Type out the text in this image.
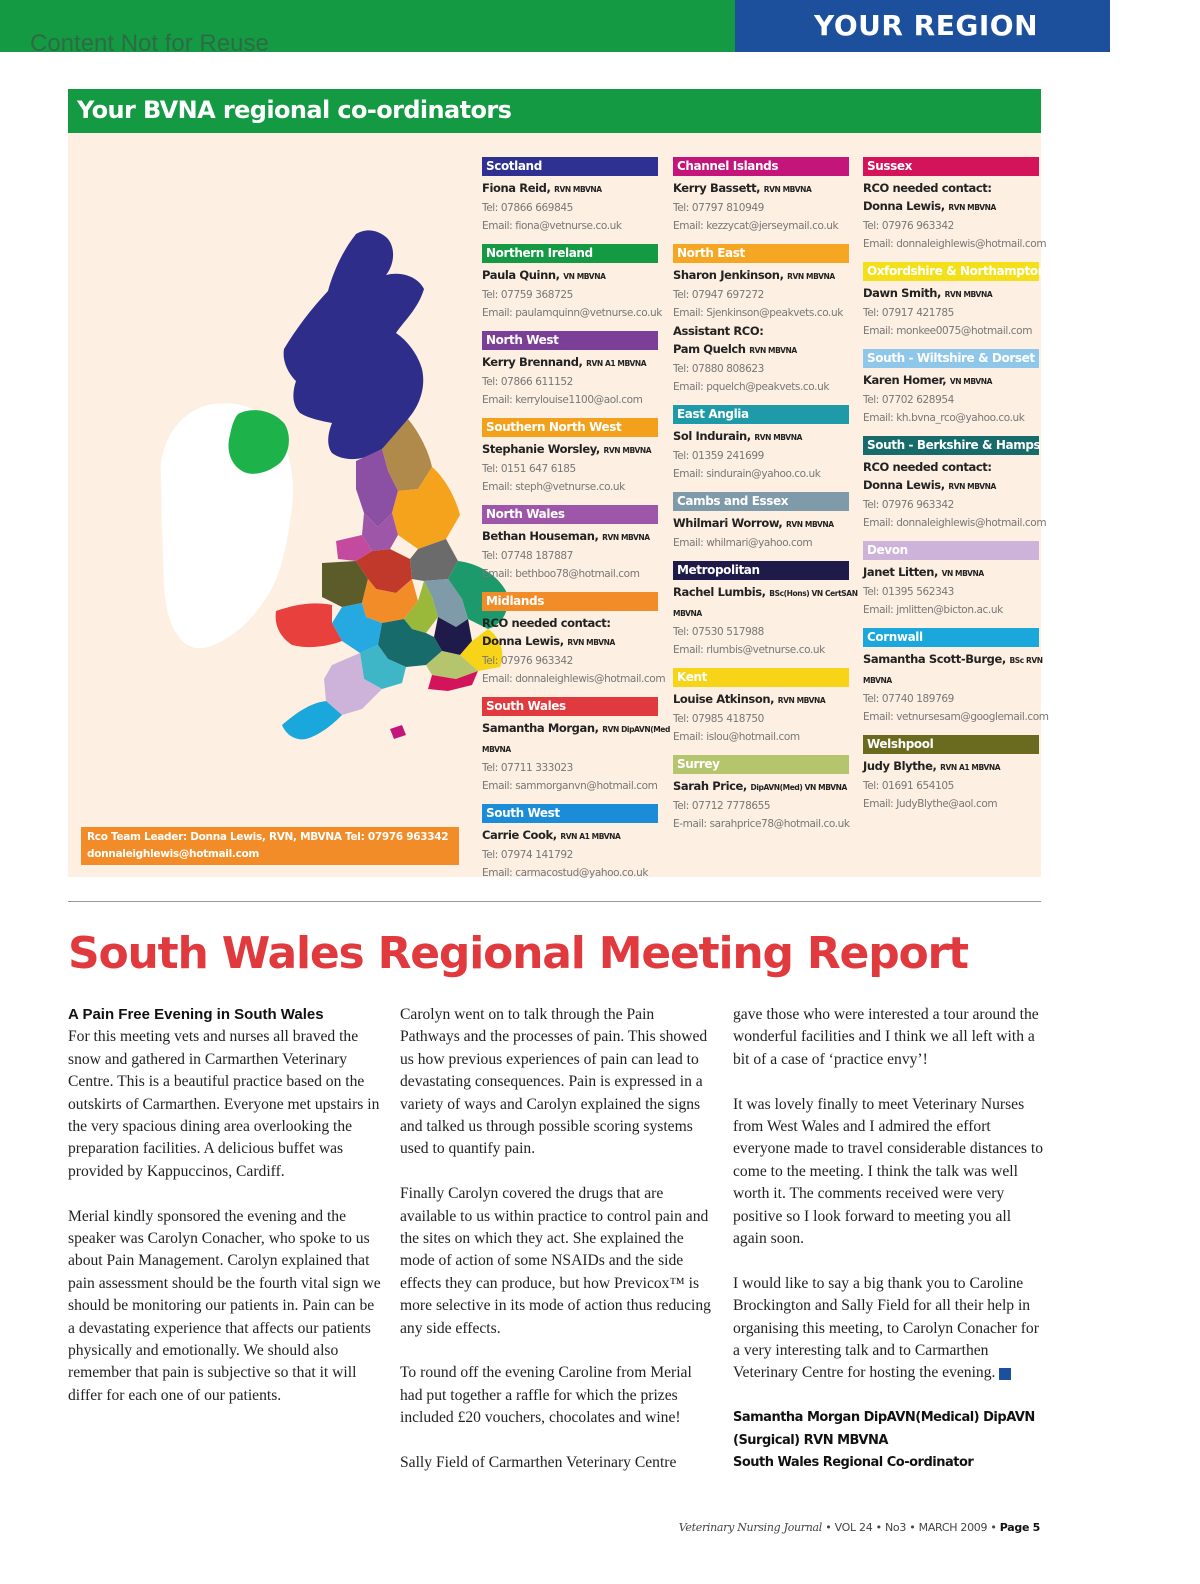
YOUR REGION
Content Not for Reuse
Your BVNA regional co-ordinators
Scotland
Fiona Reid, RVN MBVNA
Tel: 07866 669845
Email: fiona@vetnurse.co.uk
Northern Ireland
Paula Quinn, VN MBVNA
Tel: 07759 368725
Email: paulamquinn@vetnurse.co.uk
North West
Kerry Brennand, RVN A1 MBVNA
Tel: 07866 611152
Email: kerrylouise1100@aol.com
Southern North West
Stephanie Worsley, RVN MBVNA
Tel: 0151 647 6185
Email: steph@vetnurse.co.uk
North Wales
Bethan Houseman, RVN MBVNA
Tel: 07748 187887
Email: bethboo78@hotmail.com
Midlands
RCO needed contact:
Donna Lewis, RVN MBVNA
Tel: 07976 963342
Email: donnaleighlewis@hotmail.com
South Wales
Samantha Morgan, RVN DipAVN(Med
MBVNA
Tel: 07711 333023
Email: sammorganvn@hotmail.com
South West
Carrie Cook, RVN A1 MBVNA
Tel: 07974 141792
Email: carmacostud@yahoo.co.uk
Channel Islands
Kerry Bassett, RVN MBVNA
Tel: 07797 810949
Email: kezzycat@jerseymail.co.uk
North East
Sharon Jenkinson, RVN MBVNA
Tel: 07947 697272
Email: Sjenkinson@peakvets.co.uk
Assistant RCO:
Pam Quelch RVN MBVNA
Tel: 07880 808623
Email: pquelch@peakvets.co.uk
East Anglia
Sol Indurain, RVN MBVNA
Tel: 01359 241699
Email: sindurain@yahoo.co.uk
Cambs and Essex
Whilmari Worrow, RVN MBVNA
Email: whilmari@yahoo.com
Metropolitan
Rachel Lumbis, BSc(Hons) VN CertSAN
MBVNA
Tel: 07530 517988
Email: rlumbis@vetnurse.co.uk
Kent
Louise Atkinson, RVN MBVNA
Tel: 07985 418750
Email: islou@hotmail.com
Surrey
Sarah Price, DipAVN(Med) VN MBVNA
Tel: 07712 7778655
E-mail: sarahprice78@hotmail.co.uk
Sussex
RCO needed contact:
Donna Lewis, RVN MBVNA
Tel: 07976 963342
Email: donnaleighlewis@hotmail.com
Oxfordshire & Northamptonshire
Dawn Smith, RVN MBVNA
Tel: 07917 421785
Email: monkee0075@hotmail.com
South - Wiltshire & Dorset
Karen Homer, VN MBVNA
Tel: 07702 628954
Email: kh.bvna_rco@yahoo.co.uk
South - Berkshire & Hampshire
RCO needed contact:
Donna Lewis, RVN MBVNA
Tel: 07976 963342
Email: donnaleighlewis@hotmail.com
Devon
Janet Litten, VN MBVNA
Tel: 01395 562343
Email: jmlitten@bicton.ac.uk
Cornwall
Samantha Scott-Burge, BSc RVN
MBVNA
Tel: 07740 189769
Email: vetnursesam@googlemail.com
Welshpool
Judy Blythe, RVN A1 MBVNA
Tel: 01691 654105
Email: JudyBlythe@aol.com
Rco Team Leader: Donna Lewis, RVN, MBVNA Tel: 07976 963342 donnaleighlewis@hotmail.com
South Wales Regional Meeting Report
A Pain Free Evening in South Wales

For this meeting vets and nurses all braved the snow and gathered in Carmarthen Veterinary Centre. This is a beautiful practice based on the outskirts of Carmarthen. Everyone met upstairs in the very spacious dining area overlooking the preparation facilities. A delicious buffet was provided by Kappuccinos, Cardiff.

Merial kindly sponsored the evening and the speaker was Carolyn Conacher, who spoke to us about Pain Management. Carolyn explained that pain assessment should be the fourth vital sign we should be monitoring our patients in. Pain can be a devastating experience that affects our patients physically and emotionally. We should also remember that pain is subjective so that it will differ for each one of our patients.

Carolyn went on to talk through the Pain Pathways and the processes of pain. This showed us how previous experiences of pain can lead to devastating consequences. Pain is expressed in a variety of ways and Carolyn explained the signs and talked us through possible scoring systems used to quantify pain.

Finally Carolyn covered the drugs that are available to us within practice to control pain and the sites on which they act. She explained the mode of action of some NSAIDs and the side effects they can produce, but how Previcox™ is more selective in its mode of action thus reducing any side effects.

To round off the evening Caroline from Merial had put together a raffle for which the prizes included £20 vouchers, chocolates and wine!

Sally Field of Carmarthen Veterinary Centre

gave those who were interested a tour around the wonderful facilities and I think we all left with a bit of a case of ‘practice envy’!

It was lovely finally to meet Veterinary Nurses from West Wales and I admired the effort everyone made to travel considerable distances to come to the meeting. I think the talk was well worth it. The comments received were very positive so I look forward to meeting you all again soon.

I would like to say a big thank you to Caroline Brockington and Sally Field for all their help in organising this meeting, to Carolyn Conacher for a very interesting talk and to Carmarthen Veterinary Centre for hosting the evening.

Samantha Morgan DipAVN(Medical) DipAVN
(Surgical) RVN MBVNA
South Wales Regional Co-ordinator
Veterinary Nursing Journal • VOL 24 • No3 • MARCH 2009 • Page 5
